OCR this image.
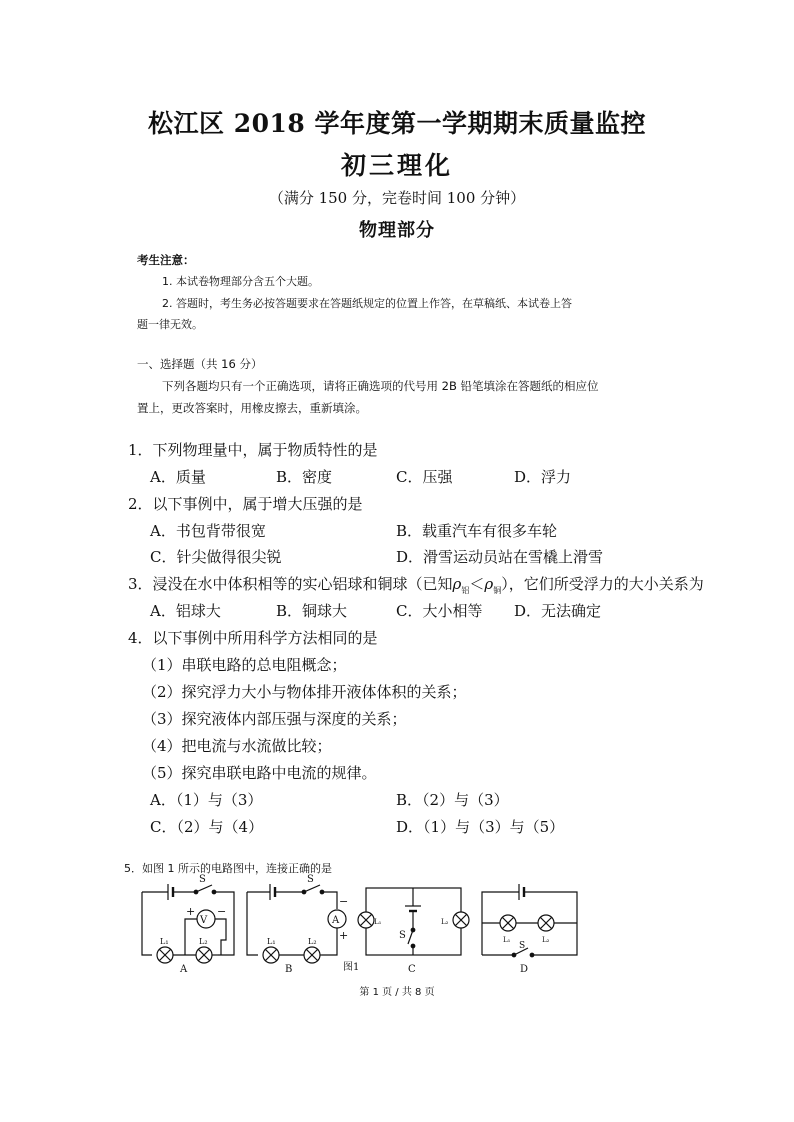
松江区 2018 学年度第一学期期末质量监控
初三理化
（满分 150 分，完卷时间 100 分钟）
物理部分
考生注意：
1. 本试卷物理部分含五个大题。
2. 答题时，考生务必按答题要求在答题纸规定的位置上作答，在草稿纸、本试卷上答
题一律无效。
一、选择题（共 16 分）
下列各题均只有一个正确选项，请将正确选项的代号用 2B 铅笔填涂在答题纸的相应位
置上，更改答案时，用橡皮擦去，重新填涂。
1．下列物理量中，属于物质特性的是
A．质量	B．密度	C．压强	D．浮力
2．以下事例中，属于增大压强的是
A．书包背带很宽	B．载重汽车有很多车轮
C．针尖做得很尖锐	D．滑雪运动员站在雪橇上滑雪
3．浸没在水中体积相等的实心铝球和铜球（已知$\rho_铝<\rho_铜$），它们所受浮力的大小关系为
A．铝球大	B．铜球大	C．大小相等 D．无法确定
4．以下事例中所用科学方法相同的是
（1）串联电路的总电阻概念；
（2）探究浮力大小与物体排开液体体积的关系；
（3）探究液体内部压强与深度的关系；
（4）把电流与水流做比较；
（5）探究串联电路中电流的规律。
A．（1）与（3）	B．（2）与（3）
C．（2）与（4）	D．（1）与（3）与（5）
5．如图 1 所示的电路图中，连接正确的是
S
V
+ −
L₁	L₂
A
S
A
−
+
L₁	L₂
B
L₁	L₂
S
图1	C
L₁	L₂
S
D
第 1 页 / 共 8 页
